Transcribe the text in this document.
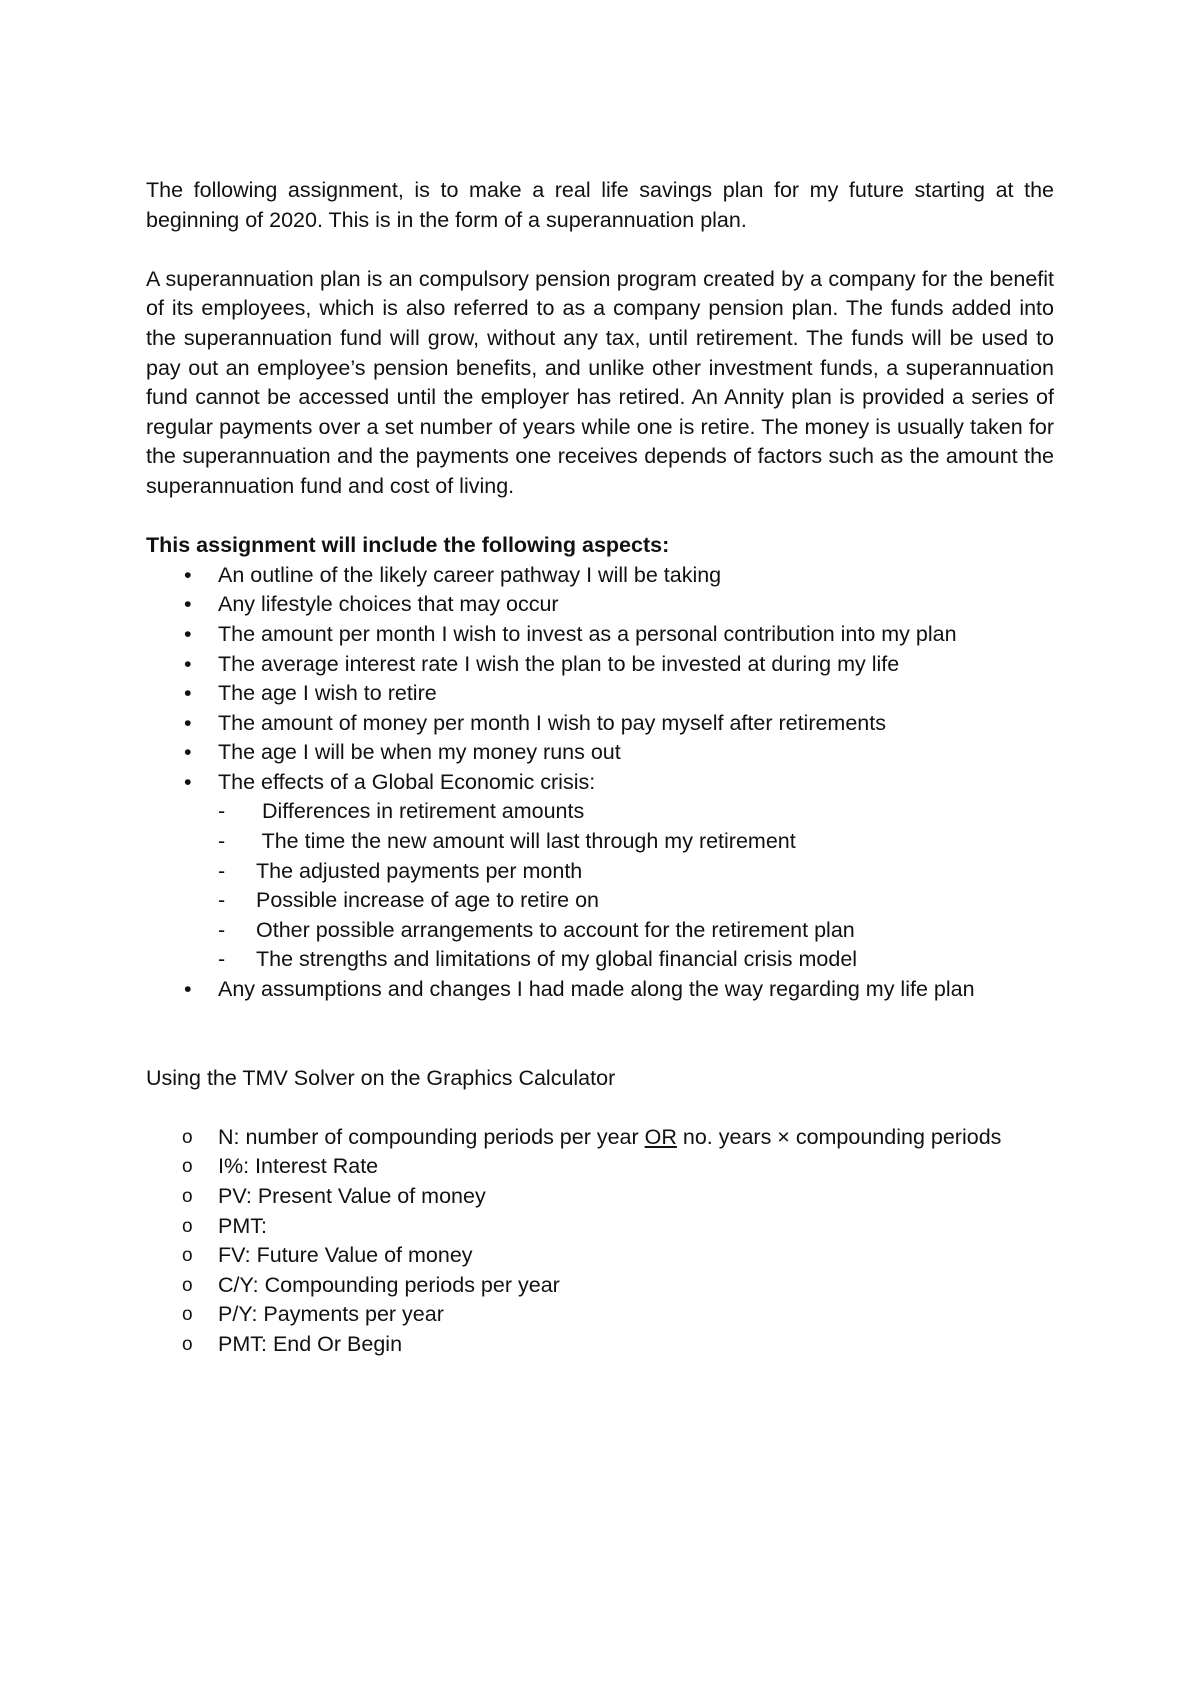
The following assignment, is to make a real life savings plan for my future starting at the beginning of 2020. This is in the form of a superannuation plan.

A superannuation plan is an compulsory pension program created by a company for the benefit of its employees, which is also referred to as a company pension plan. The funds added into the superannuation fund will grow, without any tax, until retirement. The funds will be used to pay out an employee’s pension benefits, and unlike other investment funds, a superannuation fund cannot be accessed until the employer has retired. An Annity plan is provided a series of regular payments over a set number of years while one is retire. The money is usually taken for the superannuation and the payments one receives depends of factors such as the amount the superannuation fund and cost of living.

This assignment will include the following aspects:

• An outline of the likely career pathway I will be taking
• Any lifestyle choices that may occur
• The amount per month I wish to invest as a personal contribution into my plan
• The average interest rate I wish the plan to be invested at during my life
• The age I wish to retire
• The amount of money per month I wish to pay myself after retirements
• The age I will be when my money runs out
• The effects of a Global Economic crisis:
- Differences in retirement amounts
- The time the new amount will last through my retirement
- The adjusted payments per month
- Possible increase of age to retire on
- Other possible arrangements to account for the retirement plan
- The strengths and limitations of my global financial crisis model
• Any assumptions and changes I had made along the way regarding my life plan

Using the TMV Solver on the Graphics Calculator

o N: number of compounding periods per year OR no. years × compounding periods
o I%: Interest Rate
o PV: Present Value of money
o PMT:
o FV: Future Value of money
o C/Y: Compounding periods per year
o P/Y: Payments per year
o PMT: End Or Begin
